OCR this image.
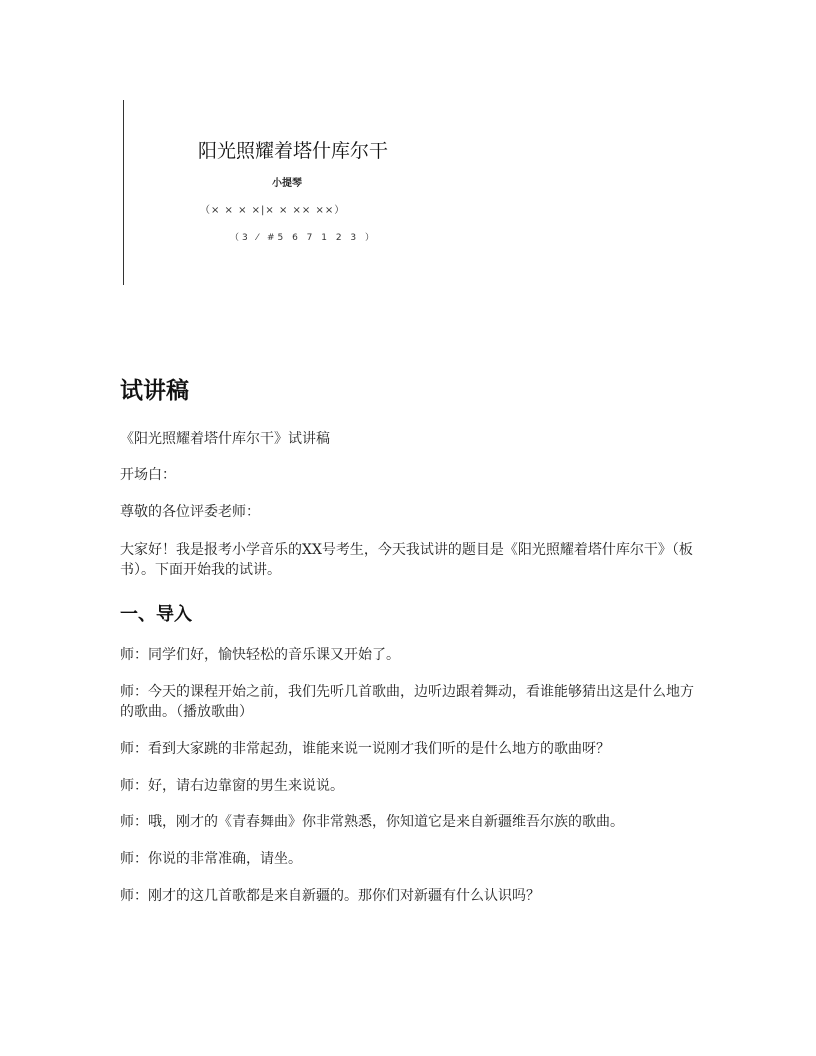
阳光照耀着塔什库尔干
小提琴
（× × × ×|× × ×× ××）
（3 ⁄ #5 6 7 1 2 3 ）
试讲稿

《阳光照耀着塔什库尔干》试讲稿

开场白：

尊敬的各位评委老师：

大家好！我是报考小学音乐的XX号考生，今天我试讲的题目是《阳光照耀着塔什库尔干》（板书）。下面开始我的试讲。

一、导入

师：同学们好，愉快轻松的音乐课又开始了。

师：今天的课程开始之前，我们先听几首歌曲，边听边跟着舞动，看谁能够猜出这是什么地方的歌曲。（播放歌曲）

师：看到大家跳的非常起劲，谁能来说一说刚才我们听的是什么地方的歌曲呀？

师：好，请右边靠窗的男生来说说。

师：哦，刚才的《青春舞曲》你非常熟悉，你知道它是来自新疆维吾尔族的歌曲。

师：你说的非常准确，请坐。

师：刚才的这几首歌都是来自新疆的。那你们对新疆有什么认识吗？
